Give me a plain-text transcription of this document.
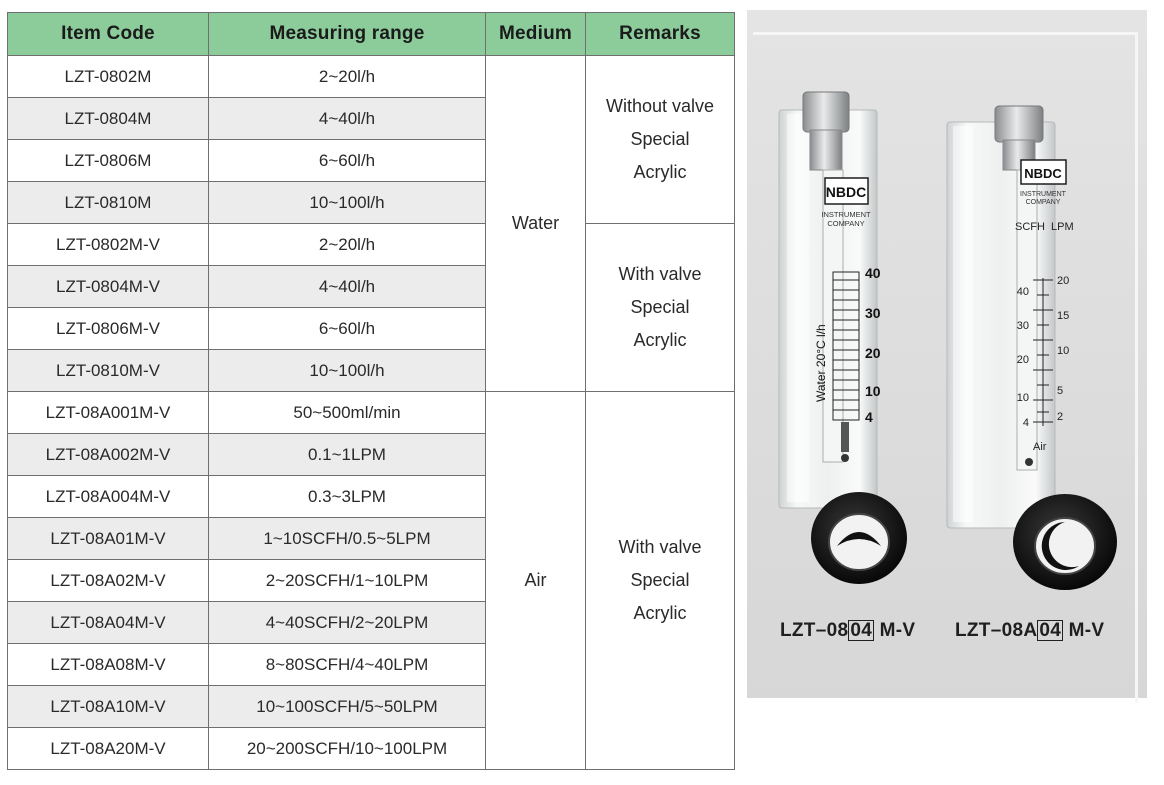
Item Code	Measuring range	Medium	Remarks
LZT-0802M	2~20l/h	Water	Without valve
Special
Acrylic

LZT-0804M	4~40l/h		
LZT-0806M	6~60l/h		
LZT-0810M	10~100l/h		
LZT-0802M-V	2~20l/h		With valve
Special
Acrylic

LZT-0804M-V	4~40l/h		
LZT-0806M-V	6~60l/h		
LZT-0810M-V	10~100l/h		
LZT-08A001M-V	50~500ml/min	Air	With valve
Special
Acrylic

LZT-08A002M-V	0.1~1LPM		
LZT-08A004M-V	0.3~3LPM		
LZT-08A01M-V	1~10SCFH/0.5~5LPM		
LZT-08A02M-V	2~20SCFH/1~10LPM		
LZT-08A04M-V	4~40SCFH/2~20LPM		
LZT-08A08M-V	8~80SCFH/4~40LPM		
LZT-08A10M-V	10~100SCFH/5~50LPM		
LZT-08A20M-V	20~200SCFH/10~100LPM		
NBDC
INSTRUMENT
COMPANY
40
30
20
10
4
Water 20°C l/h
NBDC
INSTRUMENT
COMPANY
SCFH LPM
40
30
20
10
4
20
15
10
5
2
Air
LZT–08 04 M-V LZT–08A 04 M-V
